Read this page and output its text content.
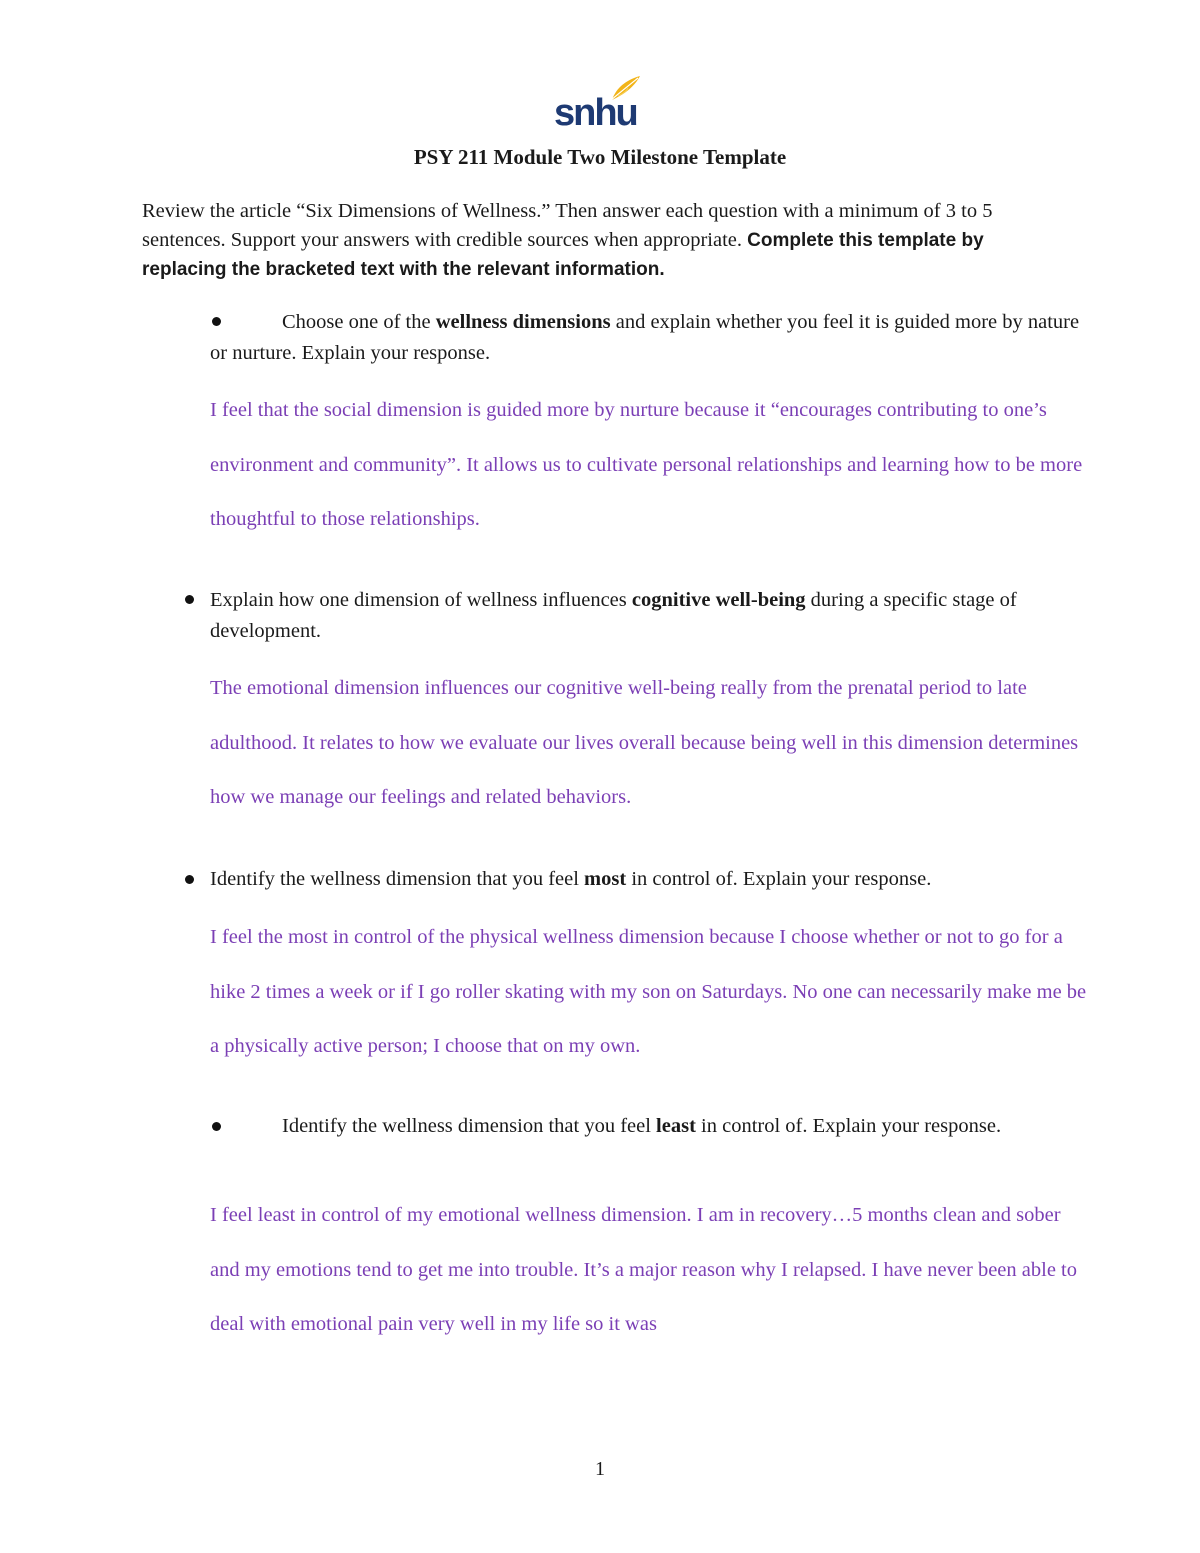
snhu
PSY 211 Module Two Milestone Template

Review the article “Six Dimensions of Wellness.” Then answer each question with a minimum of 3 to 5 sentences. Support your answers with credible sources when appropriate. Complete this template by replacing the bracketed text with the relevant information.

Choose one of the wellness dimensions and explain whether you feel it is guided more by nature or nurture. Explain your response.

I feel that the social dimension is guided more by nurture because it “encourages contributing to one’s environment and community”. It allows us to cultivate personal relationships and learning how to be more thoughtful to those relationships.

Explain how one dimension of wellness influences cognitive well-being during a specific stage of development.

The emotional dimension influences our cognitive well-being really from the prenatal period to late adulthood. It relates to how we evaluate our lives overall because being well in this dimension determines how we manage our feelings and related behaviors.

Identify the wellness dimension that you feel most in control of. Explain your response.

I feel the most in control of the physical wellness dimension because I choose whether or not to go for a hike 2 times a week or if I go roller skating with my son on Saturdays. No one can necessarily make me be a physically active person; I choose that on my own.

Identify the wellness dimension that you feel least in control of. Explain your response.

I feel least in control of my emotional wellness dimension. I am in recovery…5 months clean and sober and my emotions tend to get me into trouble. It’s a major reason why I relapsed. I have never been able to deal with emotional pain very well in my life so it was

1
